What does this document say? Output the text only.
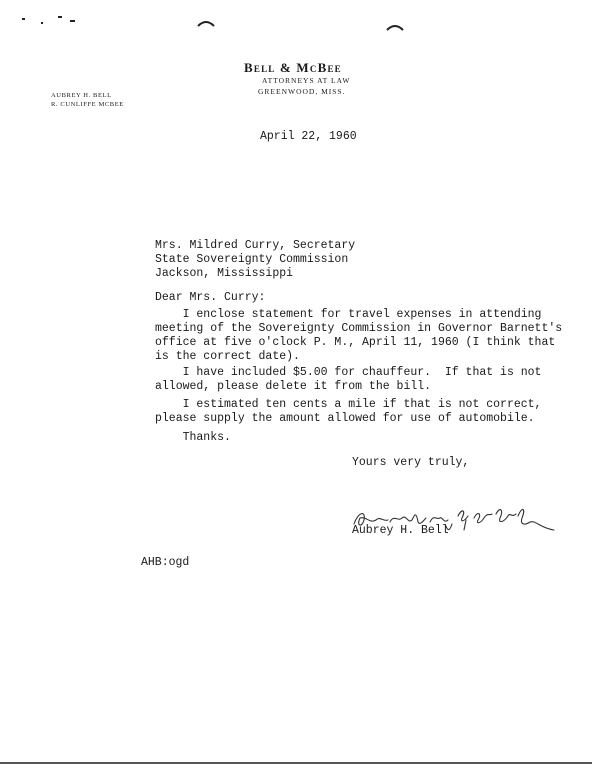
Bell & McBee
ATTORNEYS AT LAW
GREENWOOD, MISS.
AUBREY H. BELL
R. CUNLIFFE MCBEE
April 22, 1960
Mrs. Mildred Curry, Secretary
State Sovereignty Commission
Jackson, Mississippi
Dear Mrs. Curry:
I enclose statement for travel expenses in attending
meeting of the Sovereignty Commission in Governor Barnett's
office at five o'clock P. M., April 11, 1960 (I think that
is the correct date).
I have included $5.00 for chauffeur.  If that is not
allowed, please delete it from the bill.
I estimated ten cents a mile if that is not correct,
please supply the amount allowed for use of automobile.
Thanks.
Yours very truly,
Aubrey H. Bell
AHB:ogd
